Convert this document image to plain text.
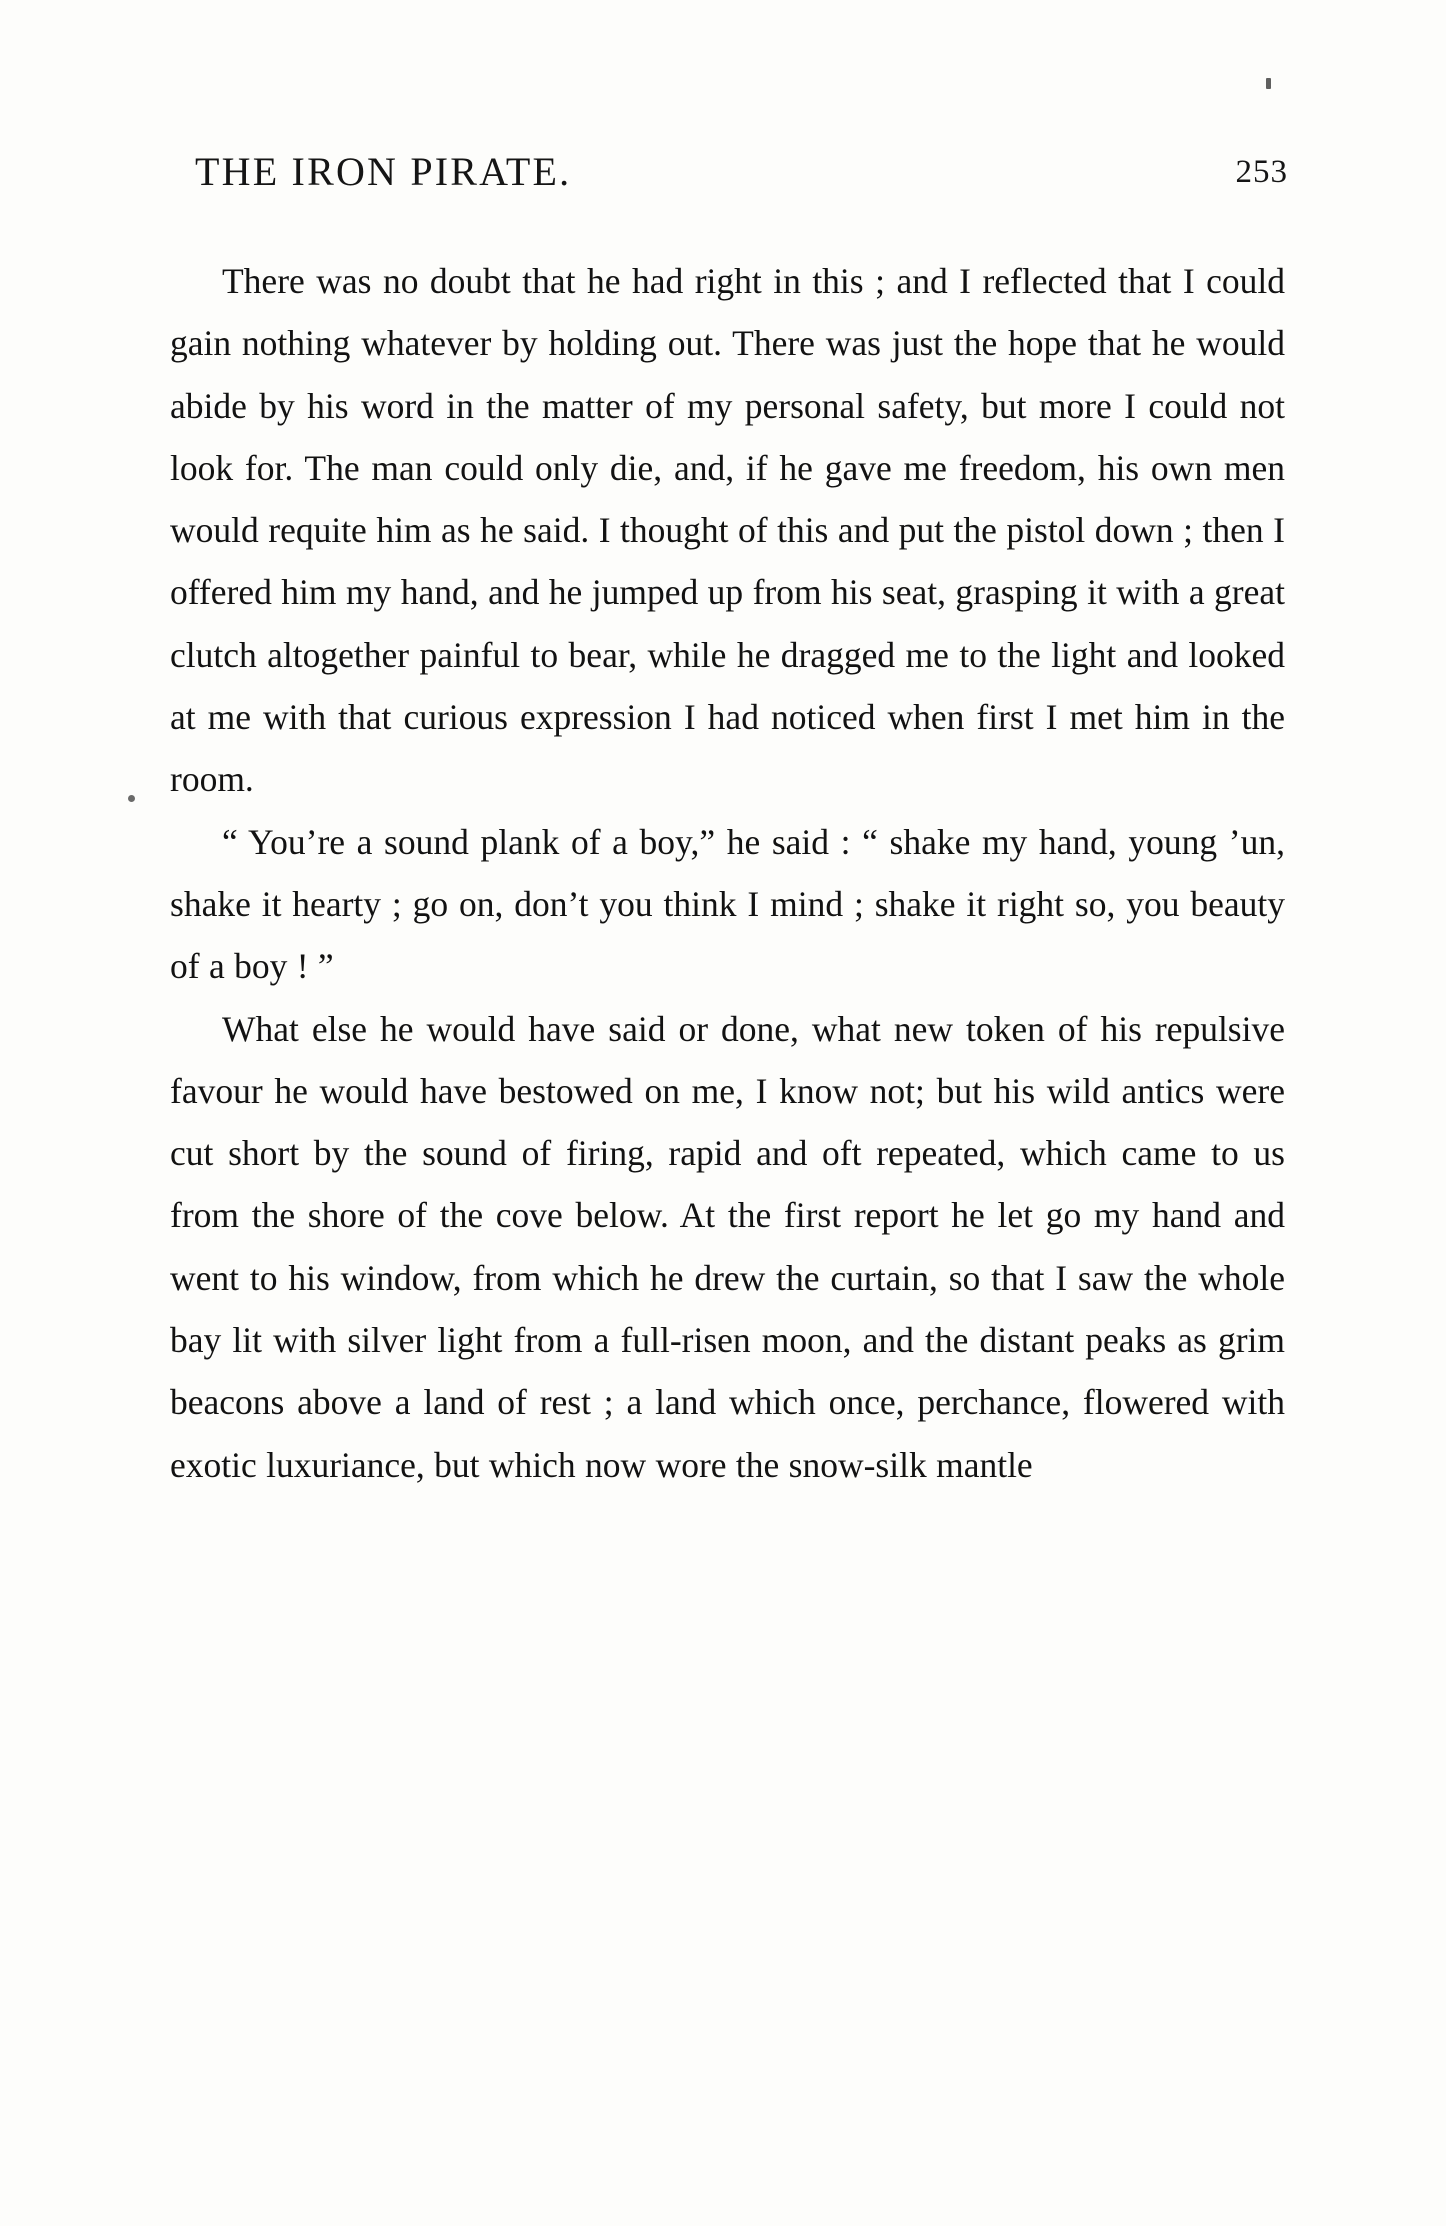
THE IRON PIRATE.	253

There was no doubt that he had right in this ; and I reflected that I could gain nothing whatever by holding out. There was just the hope that he would abide by his word in the matter of my personal safety, but more I could not look for. The man could only die, and, if he gave me freedom, his own men would requite him as he said. I thought of this and put the pistol down ; then I offered him my hand, and he jumped up from his seat, grasping it with a great clutch altogether painful to bear, while he dragged me to the light and looked at me with that curious expression I had noticed when first I met him in the room.

“ You’re a sound plank of a boy,” he said : “ shake my hand, young ’un, shake it hearty ; go on, don’t you think I mind ; shake it right so, you beauty of a boy ! ”

What else he would have said or done, what new token of his repulsive favour he would have bestowed on me, I know not; but his wild antics were cut short by the sound of firing, rapid and oft repeated, which came to us from the shore of the cove below. At the first report he let go my hand and went to his window, from which he drew the curtain, so that I saw the whole bay lit with silver light from a full-risen moon, and the distant peaks as grim beacons above a land of rest ; a land which once, perchance, flowered with exotic luxuriance, but which now wore the snow-silk mantle
